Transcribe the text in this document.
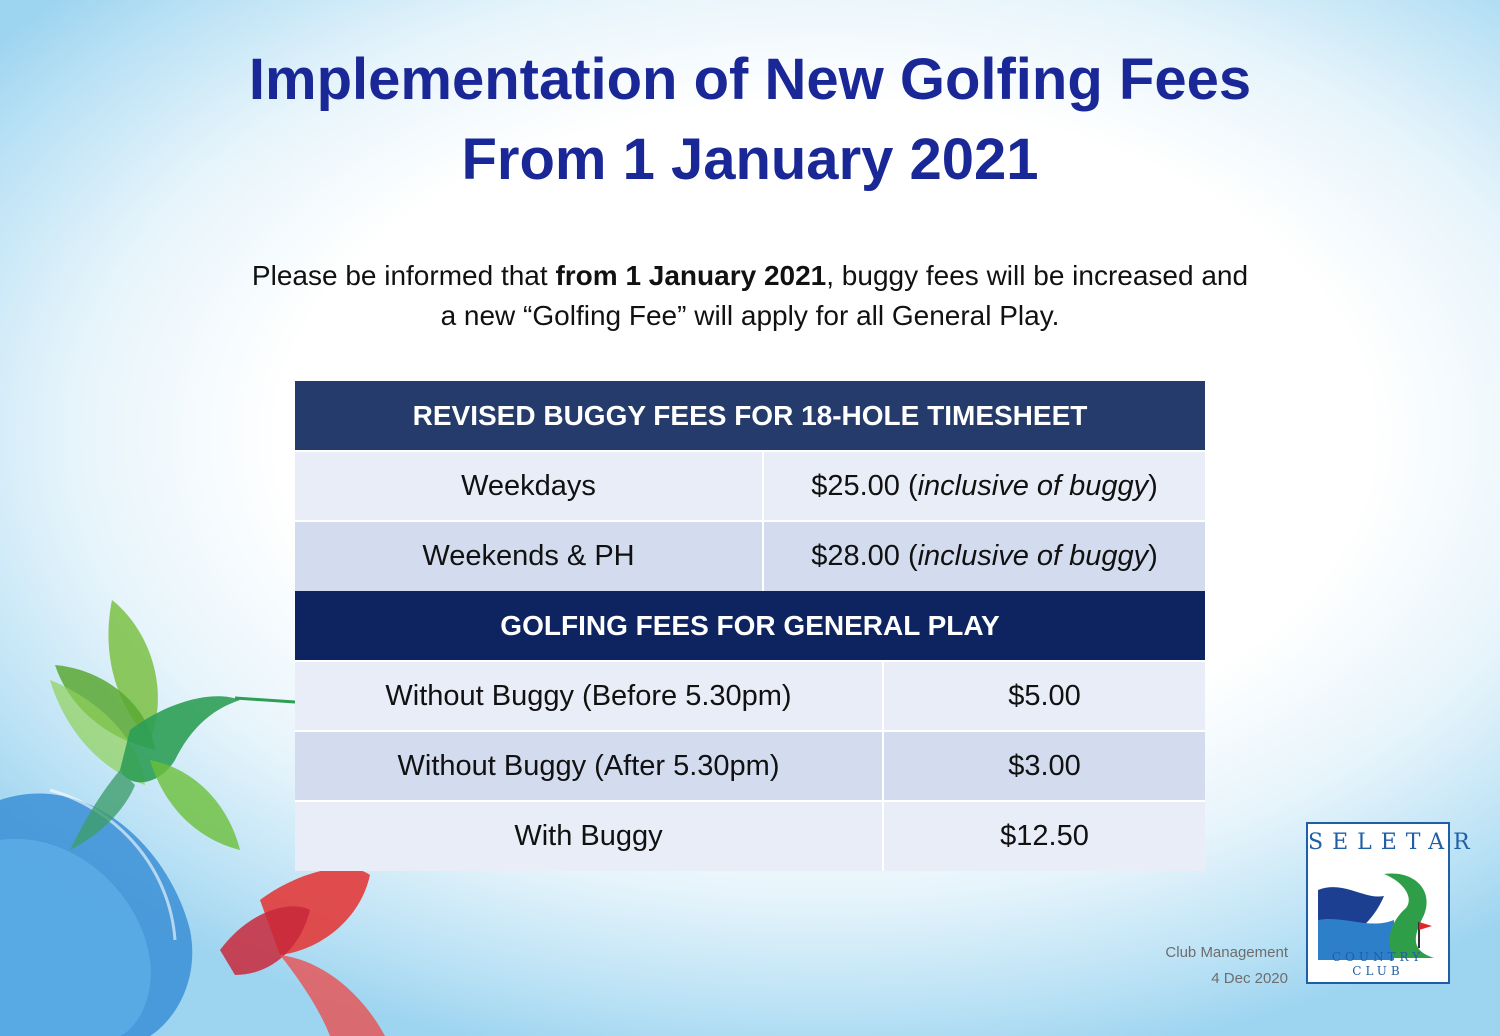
Implementation of New Golfing Fees
From 1 January 2021
Please be informed that from 1 January 2021, buggy fees will be increased and
a new “Golfing Fee” will apply for all General Play.
REVISED BUGGY FEES FOR 18-HOLE TIMESHEET		
Weekdays	$25.00 (inclusive of buggy)	
Weekends & PH	$28.00 (inclusive of buggy)	
GOLFING FEES FOR GENERAL PLAY		
Without Buggy (Before 5.30pm)		$5.00
Without Buggy (After 5.30pm)		$3.00
With Buggy		$12.50
Club Management
4 Dec 2020
SELETAR
COUNTRY CLUB
